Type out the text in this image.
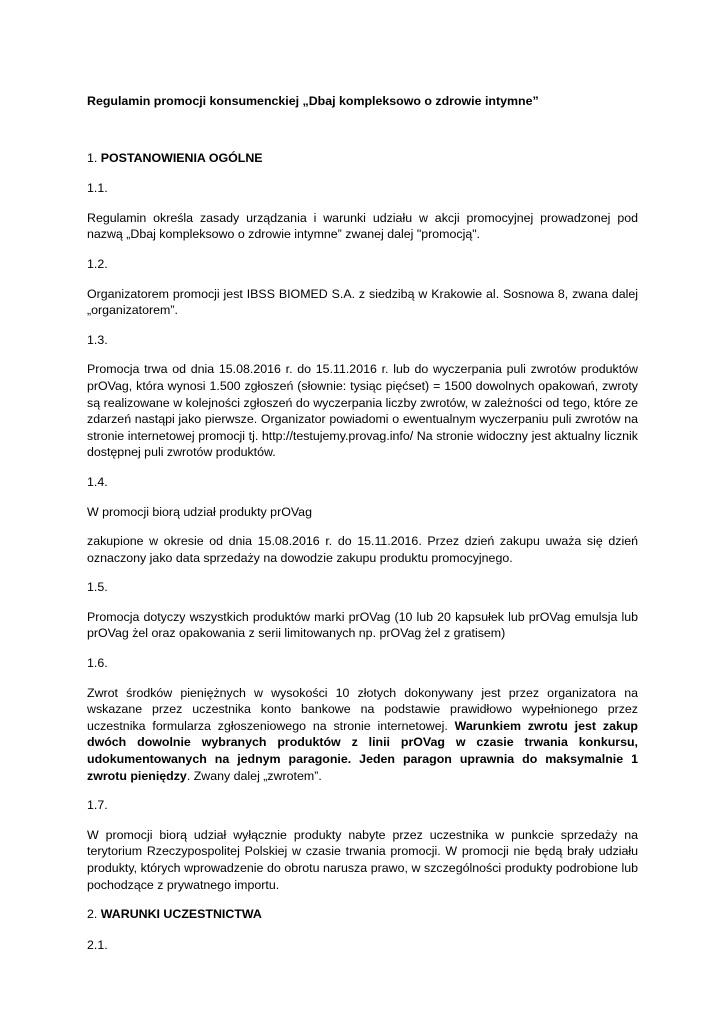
Regulamin promocji konsumenckiej „Dbaj kompleksowo o zdrowie intymne”

1. POSTANOWIENIA OGÓLNE

1.1.

Regulamin określa zasady urządzania i warunki udziału w akcji promocyjnej prowadzonej pod nazwą „Dbaj kompleksowo o zdrowie intymne” zwanej dalej "promocją".

1.2.

Organizatorem promocji jest IBSS BIOMED S.A. z siedzibą w Krakowie al. Sosnowa 8, zwana dalej „organizatorem”.

1.3.

Promocja trwa od dnia 15.08.2016 r. do 15.11.2016 r. lub do wyczerpania puli zwrotów produktów prOVag, która wynosi 1.500 zgłoszeń (słownie: tysiąc pięćset) = 1500 dowolnych opakowań, zwroty są realizowane w kolejności zgłoszeń do wyczerpania liczby zwrotów, w zależności od tego, które ze zdarzeń nastąpi jako pierwsze. Organizator powiadomi o ewentualnym wyczerpaniu puli zwrotów na stronie internetowej promocji tj. http://testujemy.provag.info/ Na stronie widoczny jest aktualny licznik dostępnej puli zwrotów produktów.

1.4.

W promocji biorą udział produkty prOVag

zakupione w okresie od dnia 15.08.2016 r. do 15.11.2016. Przez dzień zakupu uważa się dzień oznaczony jako data sprzedaży na dowodzie zakupu produktu promocyjnego.

1.5.

Promocja dotyczy wszystkich produktów marki prOVag (10 lub 20 kapsułek lub prOVag emulsja lub prOVag żel oraz opakowania z serii limitowanych np. prOVag żel z gratisem)

1.6.

Zwrot środków pieniężnych w wysokości 10 złotych dokonywany jest przez organizatora na wskazane przez uczestnika konto bankowe na podstawie prawidłowo wypełnionego przez uczestnika formularza zgłoszeniowego na stronie internetowej. Warunkiem zwrotu jest zakup dwóch dowolnie wybranych produktów z linii prOVag w czasie trwania konkursu, udokumentowanych na jednym paragonie. Jeden paragon uprawnia do maksymalnie 1 zwrotu pieniędzy. Zwany dalej „zwrotem”.

1.7.

W promocji biorą udział wyłącznie produkty nabyte przez uczestnika w punkcie sprzedaży na terytorium Rzeczypospolitej Polskiej w czasie trwania promocji. W promocji nie będą brały udziału produkty, których wprowadzenie do obrotu narusza prawo, w szczególności produkty podrobione lub pochodzące z prywatnego importu.

2. WARUNKI UCZESTNICTWA

2.1.
